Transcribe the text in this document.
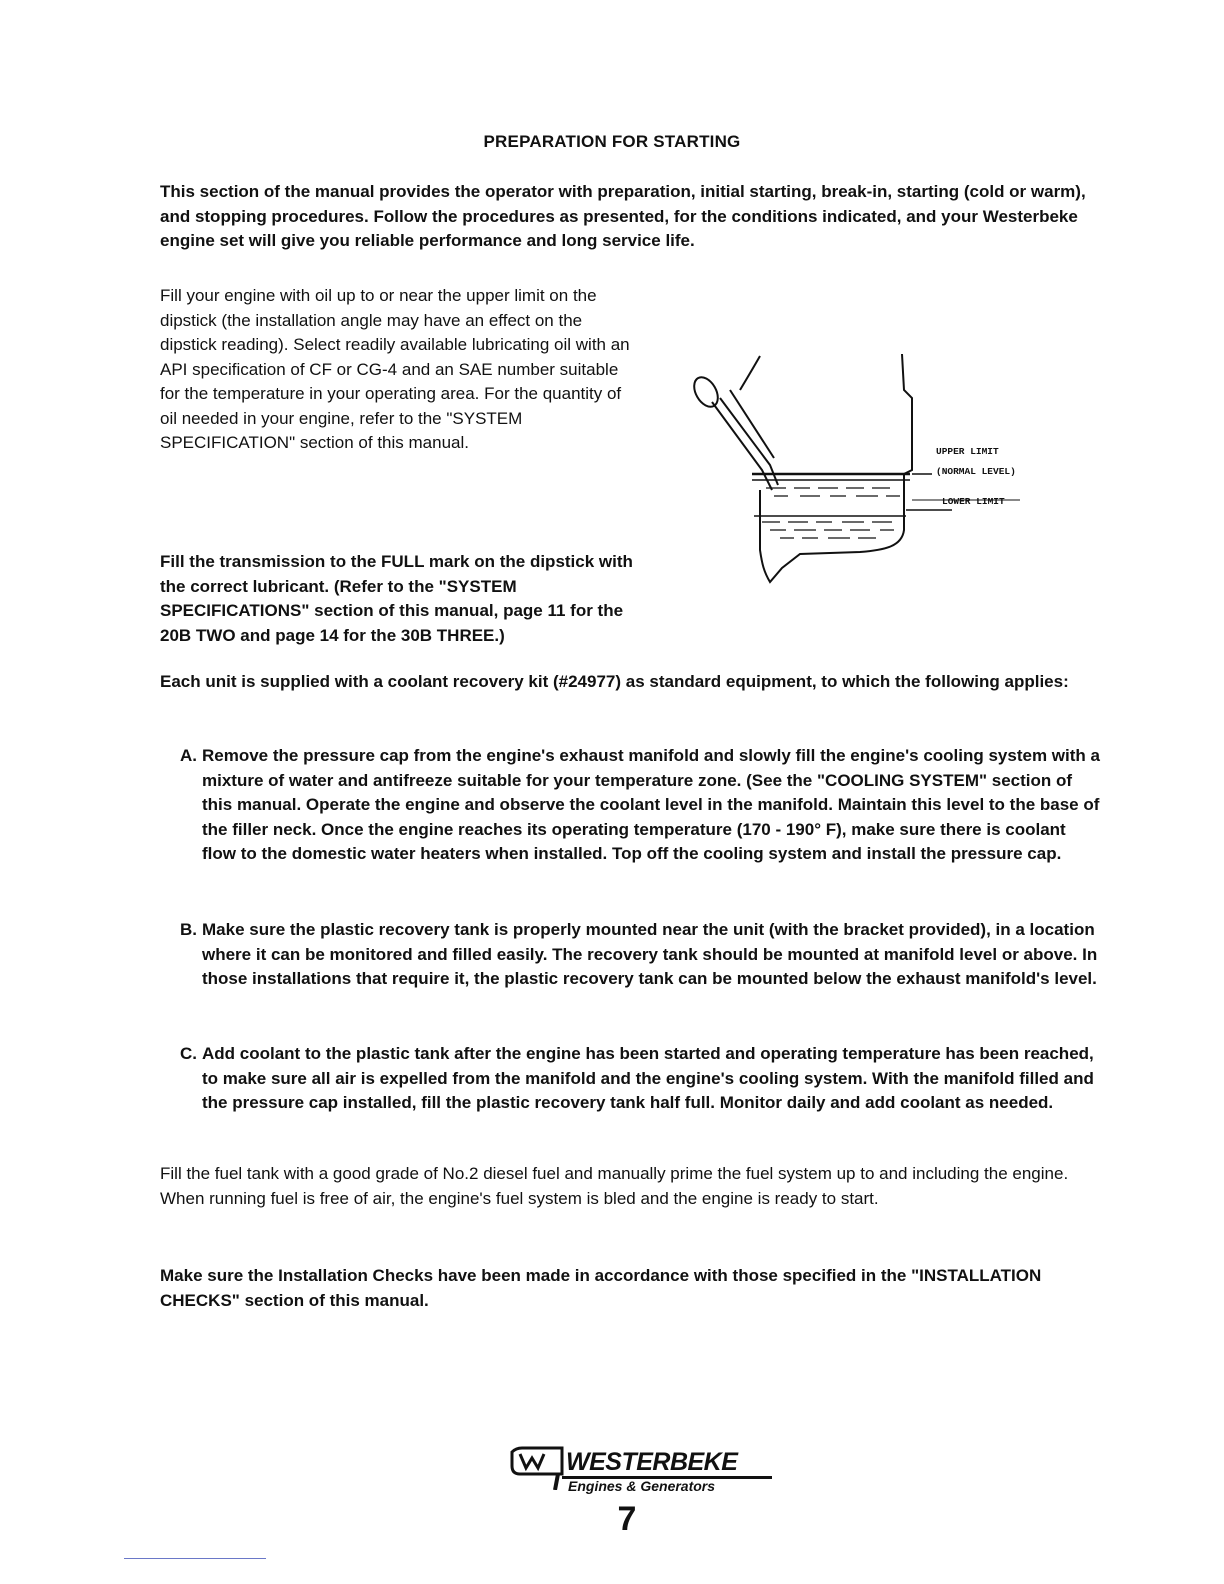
PREPARATION FOR STARTING
This section of the manual provides the operator with preparation, initial starting, break-in, starting (cold or warm), and stopping procedures. Follow the procedures as presented, for the conditions indicated, and your Westerbeke engine set will give you reliable performance and long service life.
Fill your engine with oil up to or near the upper limit on the dipstick (the installation angle may have an effect on the dipstick reading). Select readily available lubricating oil with an API specification of CF or CG-4 and an SAE number suitable for the temperature in your operating area. For the quantity of oil needed in your engine, refer to the "SYSTEM SPECIFICATION" section of this manual.	UPPER LIMIT
(NORMAL LEVEL)
LOWER LIMIT
Fill the transmission to the FULL mark on the dipstick with the correct lubricant. (Refer to the "SYSTEM SPECIFICATIONS" section of this manual, page 11 for the 20B TWO and page 14 for the 30B THREE.)
Each unit is supplied with a coolant recovery kit (#24977) as standard equipment, to which the following applies:
A. Remove the pressure cap from the engine's exhaust manifold and slowly fill the engine's cooling system with a mixture of water and antifreeze suitable for your temperature zone. (See the "COOLING SYSTEM" section of this manual. Operate the engine and observe the coolant level in the manifold. Maintain this level to the base of the filler neck. Once the engine reaches its operating temperature (170 - 190° F), make sure there is coolant flow to the domestic water heaters when installed. Top off the cooling system and install the pressure cap.
B. Make sure the plastic recovery tank is properly mounted near the unit (with the bracket provided), in a location where it can be monitored and filled easily. The recovery tank should be mounted at manifold level or above. In those installations that require it, the plastic recovery tank can be mounted below the exhaust manifold's level.
C. Add coolant to the plastic tank after the engine has been started and operating temperature has been reached, to make sure all air is expelled from the manifold and the engine's cooling system. With the manifold filled and the pressure cap installed, fill the plastic recovery tank half full. Monitor daily and add coolant as needed.
Fill the fuel tank with a good grade of No.2 diesel fuel and manually prime the fuel system up to and including the engine. When running fuel is free of air, the engine's fuel system is bled and the engine is ready to start.
Make sure the Installation Checks have been made in accordance with those specified in the "INSTALLATION CHECKS" section of this manual.
WESTERBEKE
Engines & Generators
7
